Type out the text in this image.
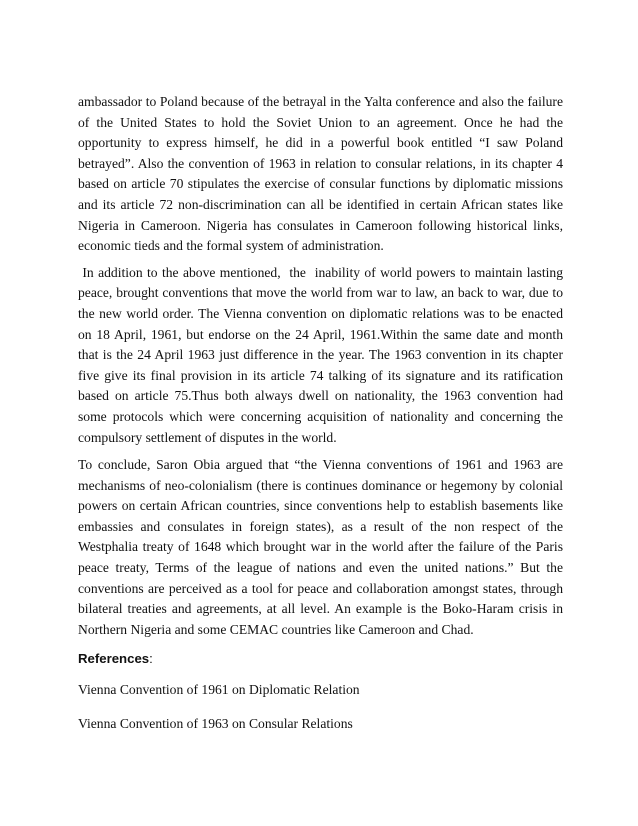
ambassador to Poland because of the betrayal in the Yalta conference and also the failure of the United States to hold the Soviet Union to an agreement. Once he had the opportunity to express himself, he did in a powerful book entitled “I saw Poland betrayed”. Also the convention of 1963 in relation to consular relations, in its chapter 4 based on article 70 stipulates the exercise of consular functions by diplomatic missions and its article 72 non-discrimination can all be identified in certain African states like Nigeria in Cameroon. Nigeria has consulates in Cameroon following historical links, economic tieds and the formal system of administration.

In addition to the above mentioned,  the  inability of world powers to maintain lasting peace, brought conventions that move the world from war to law, an back to war, due to the new world order. The Vienna convention on diplomatic relations was to be enacted on 18 April, 1961, but endorse on the 24 April, 1961.Within the same date and month that is the 24 April 1963 just difference in the year. The 1963 convention in its chapter five give its final provision in its article 74 talking of its signature and its ratification based on article 75.Thus both always dwell on nationality, the 1963 convention had some protocols which were concerning acquisition of nationality and concerning the compulsory settlement of disputes in the world.

To conclude, Saron Obia argued that “the Vienna conventions of 1961 and 1963 are mechanisms of neo-colonialism (there is continues dominance or hegemony by colonial powers on certain African countries, since conventions help to establish basements like embassies and consulates in foreign states), as a result of the non respect of the Westphalia treaty of 1648 which brought war in the world after the failure of the Paris peace treaty, Terms of the league of nations and even the united nations.” But the conventions are perceived as a tool for peace and collaboration amongst states, through bilateral treaties and agreements, at all level. An example is the Boko-Haram crisis in Northern Nigeria and some CEMAC countries like Cameroon and Chad.

References:

Vienna Convention of 1961 on Diplomatic Relation
Vienna Convention of 1963 on Consular Relations
